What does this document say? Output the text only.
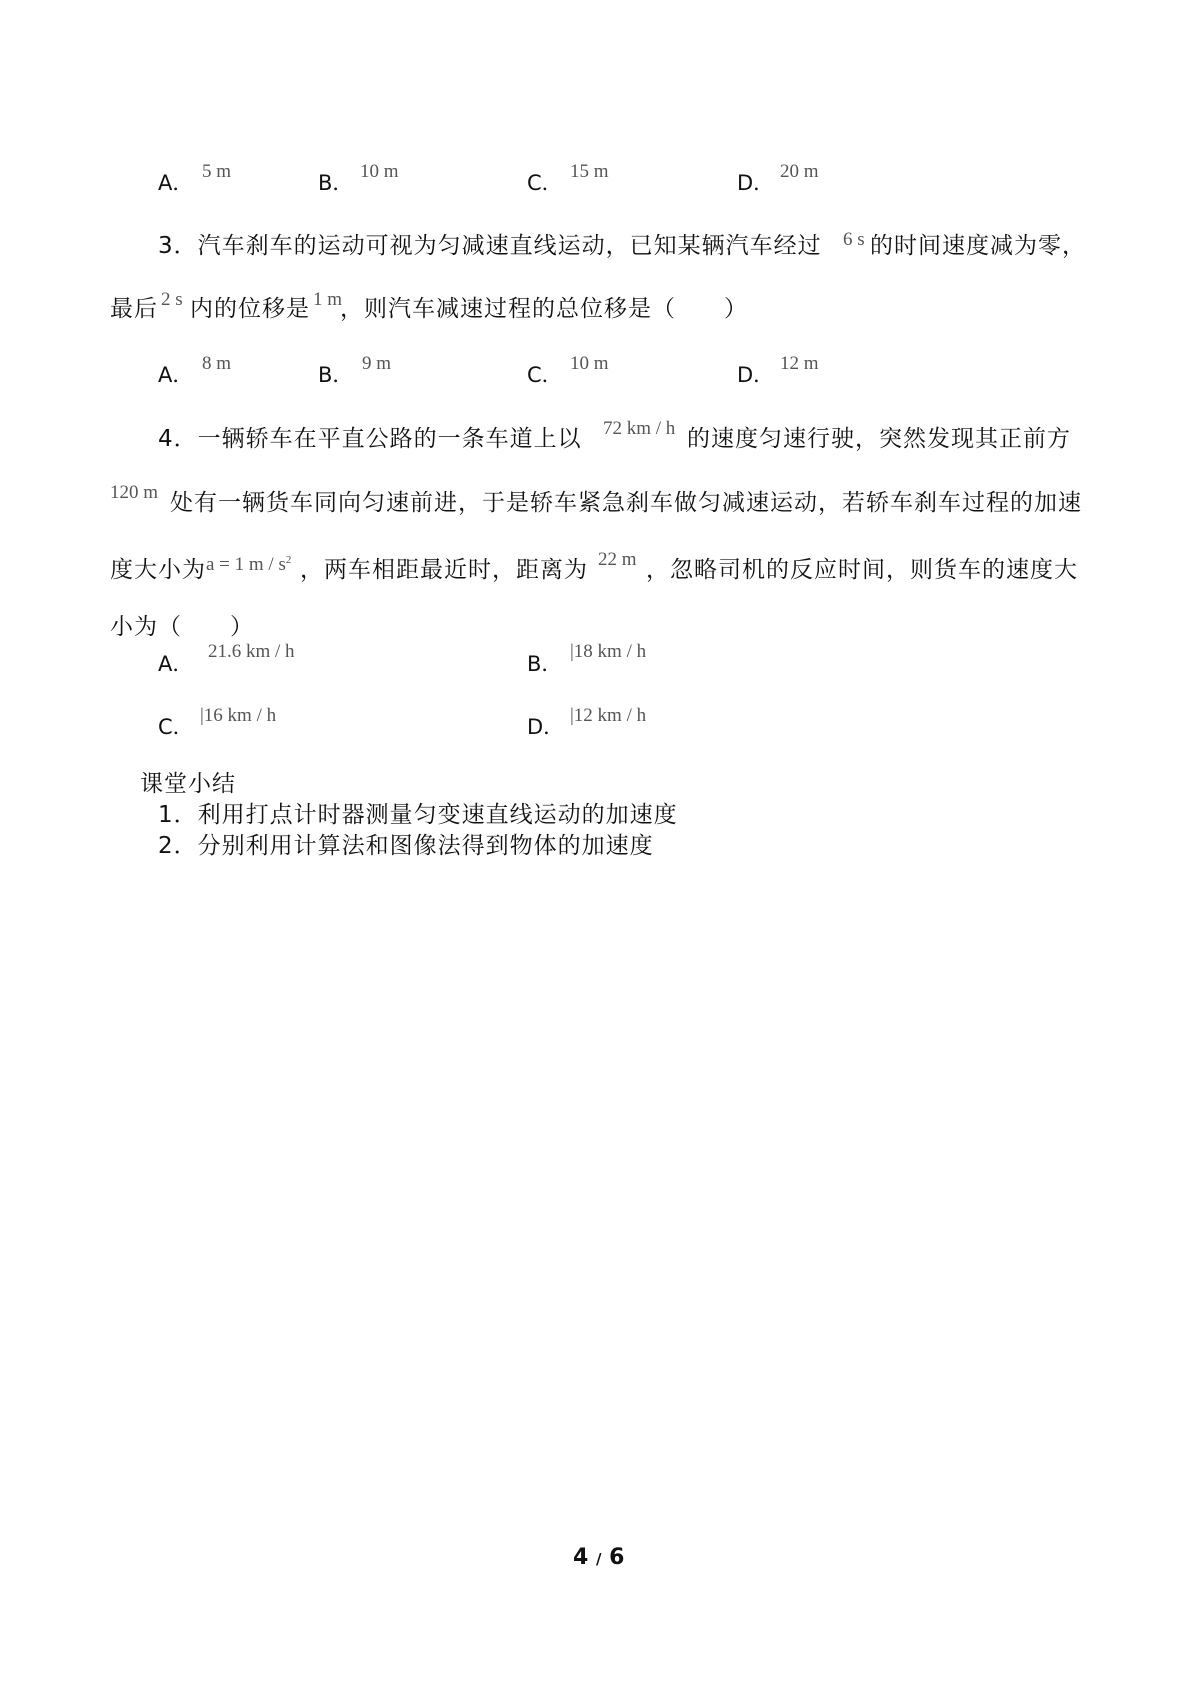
A． 5 m	B． 10 m	C． 15 m	D． 20 m
3．汽车刹车的运动可视为匀减速直线运动，已知某辆汽车经过 6 s 的时间速度减为零，
最后 2 s 内的位移是 1 m
，则汽车减速过程的总位移是（　　）
A． 8 m	B． 9 m	C． 10 m	D． 12 m
4．一辆轿车在平直公路的一条车道上以 72 km / h 的速度匀速行驶，突然发现其正前方
120 m 处有一辆货车同向匀速前进，于是轿车紧急刹车做匀减速运动，若轿车刹车过程的加速
度大小为 a = 1 m / $s^2$ ，两车相距最近时，距离为 22 m ，忽略司机的反应时间，则货车的速度大
小为（　　）
A．
21.6 km / h
B．
|18 km / h
C． |16 km / h	D． |12 km / h
课堂小结
1．利用打点计时器测量匀变速直线运动的加速度
2．分别利用计算法和图像法得到物体的加速度
4 / 6
